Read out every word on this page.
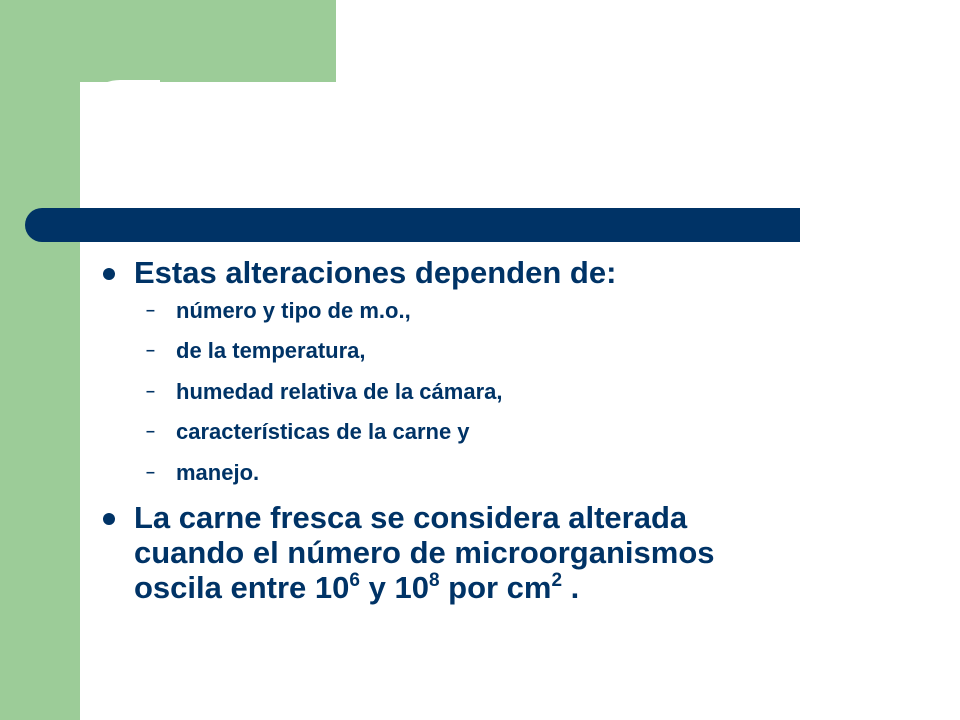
Estas alteraciones dependen de:
– número y tipo de m.o.,
– de la temperatura,
– humedad relativa de la cámara,
– características de la carne y
– manejo.
La carne fresca se considera alterada
cuando el número de microorganismos
oscila entre $10^6$ y $10^8$ por $cm^2$ .
